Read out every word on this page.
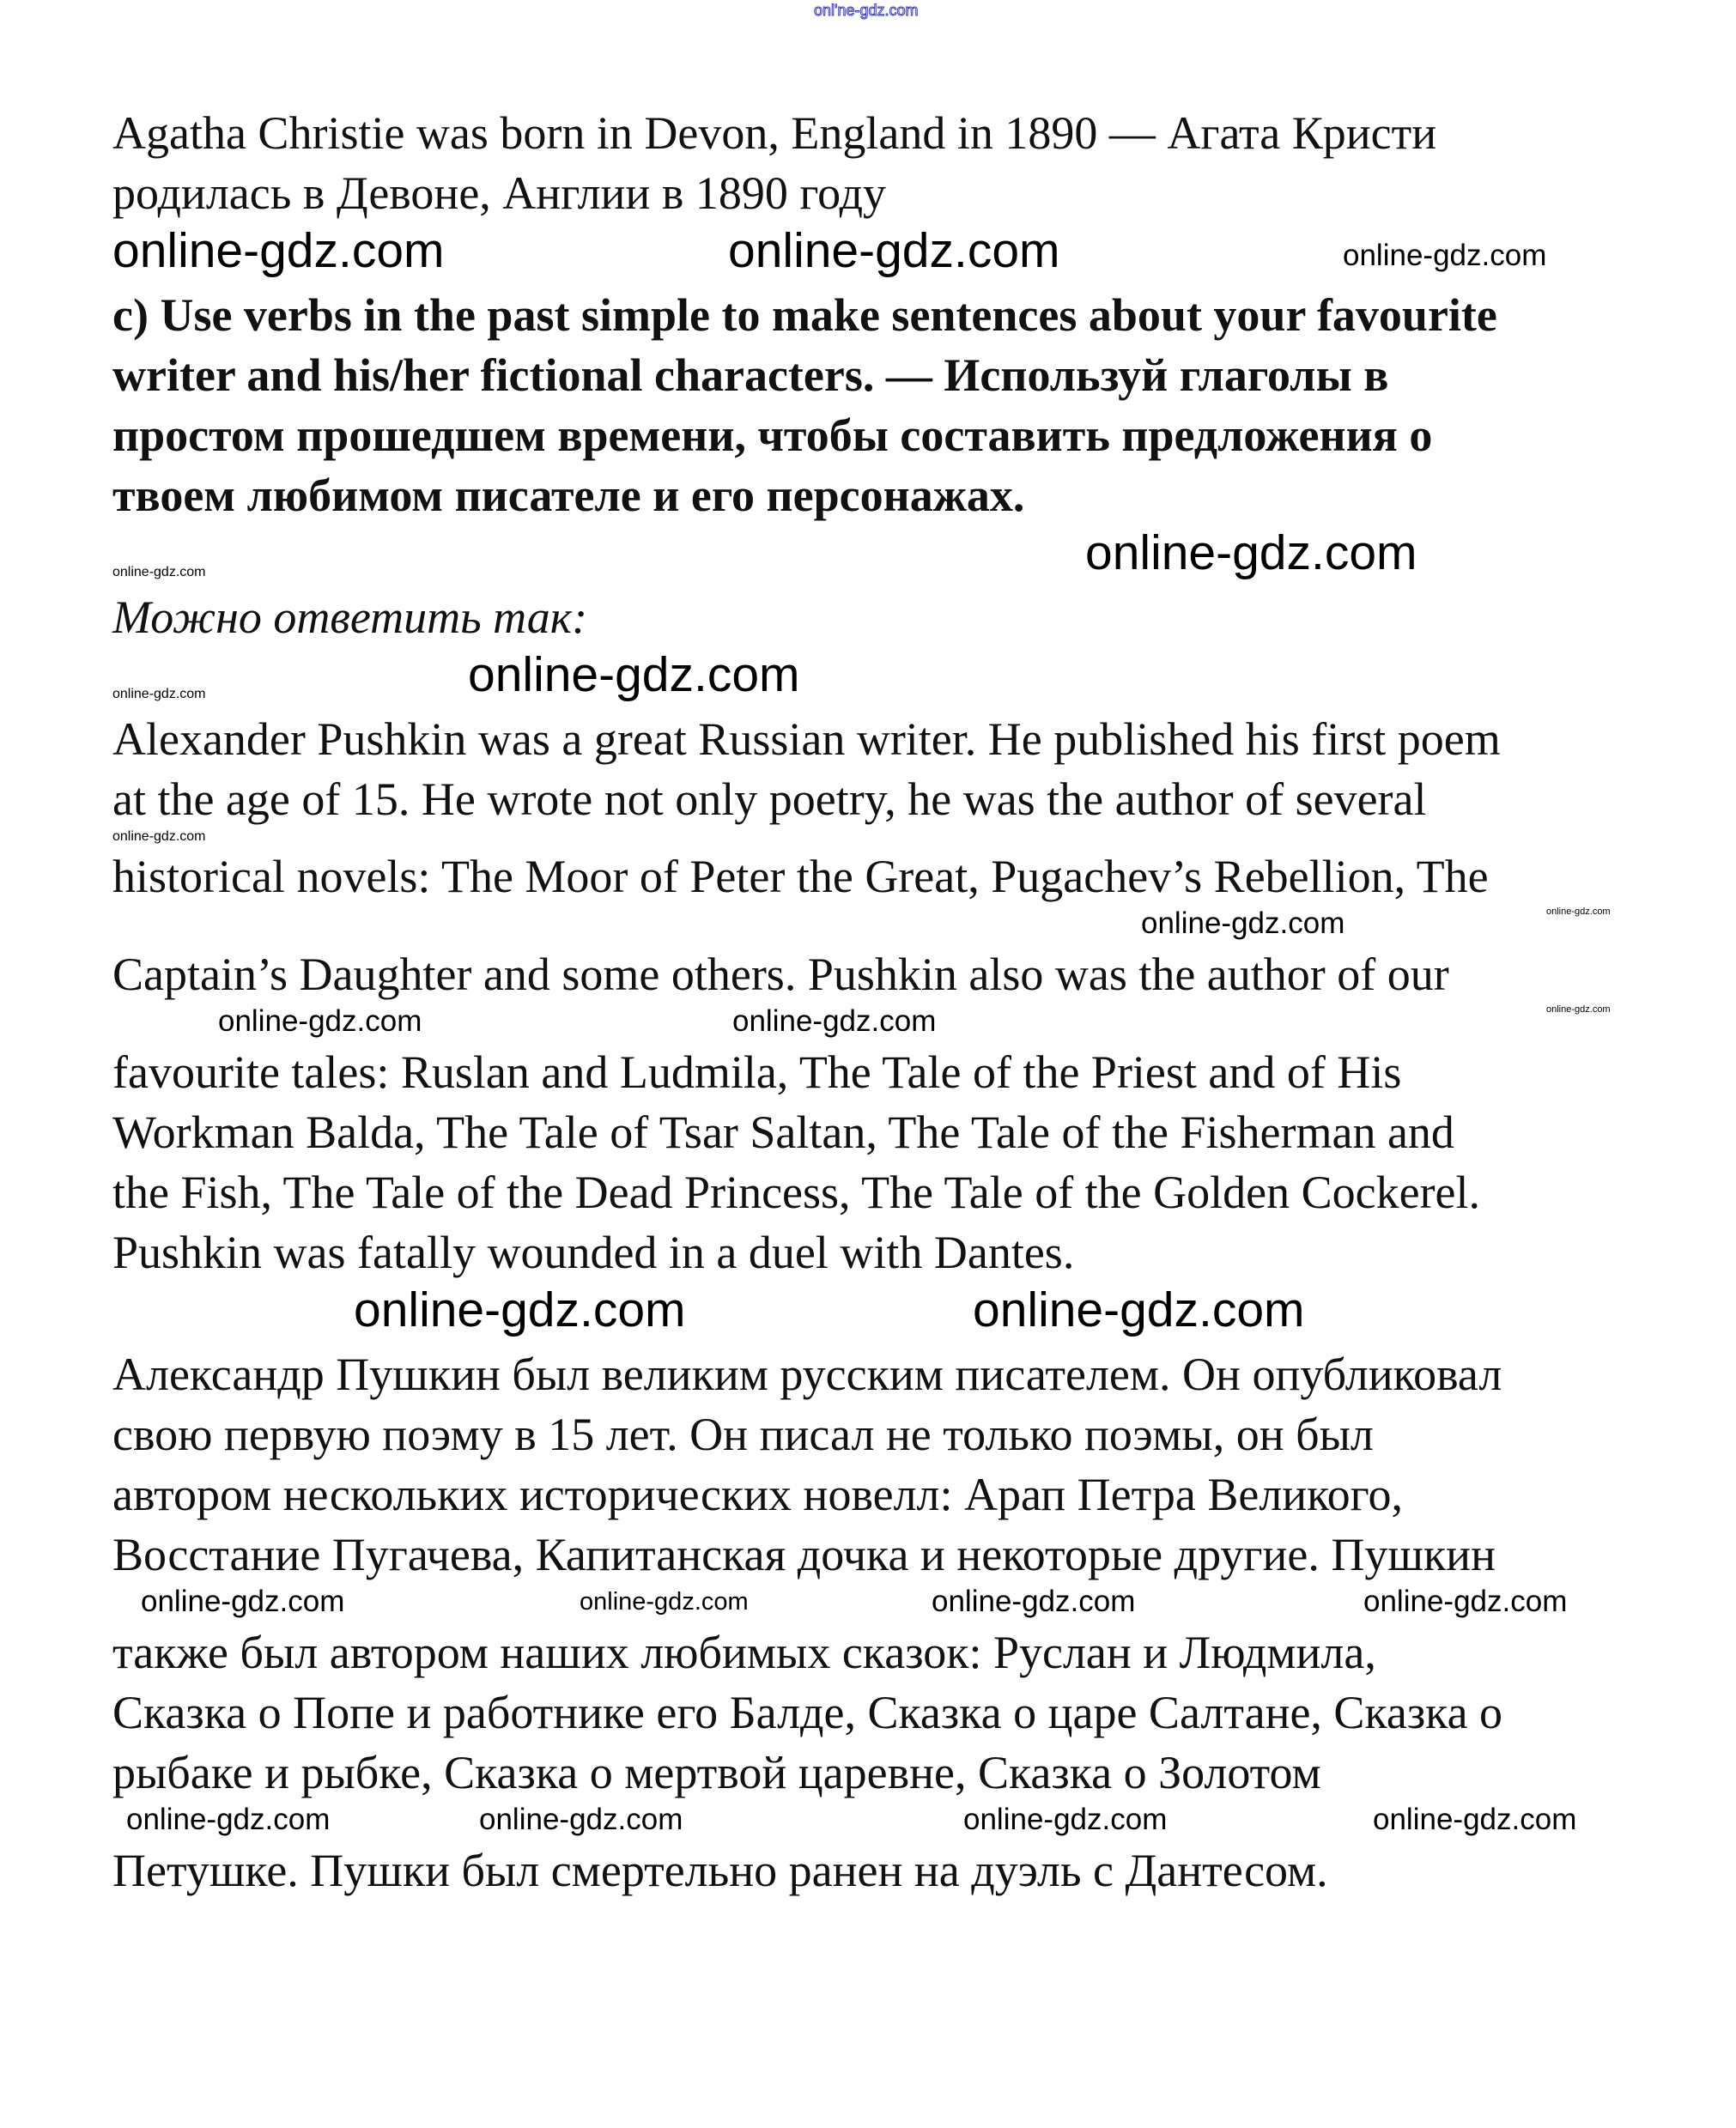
onl'ne-gdz.com
Agatha Christie was born in Devon, England in 1890 — Агата Кристи
родилась в Девоне, Англии в 1890 году
online-gdz.com	online-gdz.com	online-gdz.com
c) Use verbs in the past simple to make sentences about your favourite
writer and his/her fictional characters. — Используй глаголы в
простом прошедшем времени, чтобы составить предложения о
твоем любимом писателе и его персонажах.
online-gdz.com	online-gdz.com
Можно ответить так:
online-gdz.com	online-gdz.com
Alexander Pushkin was a great Russian writer. He published his first poem
at the age of 15. He wrote not only poetry, he was the author of several
online-gdz.com
historical novels: The Moor of Peter the Great, Pugachev’s Rebellion, The
online-gdz.com	online-gdz.com
Captain’s Daughter and some others. Pushkin also was the author of our
online-gdz.com	online-gdz.com	online-gdz.com
favourite tales: Ruslan and Ludmila, The Tale of the Priest and of His
Workman Balda, The Tale of Tsar Saltan, The Tale of the Fisherman and
the Fish, The Tale of the Dead Princess, The Tale of the Golden Cockerel.
Pushkin was fatally wounded in a duel with Dantes.
online-gdz.com	online-gdz.com
Александр Пушкин был великим русским писателем. Он опубликовал
свою первую поэму в 15 лет. Он писал не только поэмы, он был
автором нескольких исторических новелл: Арап Петра Великого,
Восстание Пугачева, Капитанская дочка и некоторые другие. Пушкин
online-gdz.com	online-gdz.com	online-gdz.com	online-gdz.com
также был автором наших любимых сказок: Руслан и Людмила,
Сказка о Попе и работнике его Балде, Сказка о царе Салтане, Сказка о
рыбаке и рыбке, Сказка о мертвой царевне, Сказка о Золотом
online-gdz.com	online-gdz.com	online-gdz.com	online-gdz.com
Петушке. Пушки был смертельно ранен на дуэль с Дантесом.
